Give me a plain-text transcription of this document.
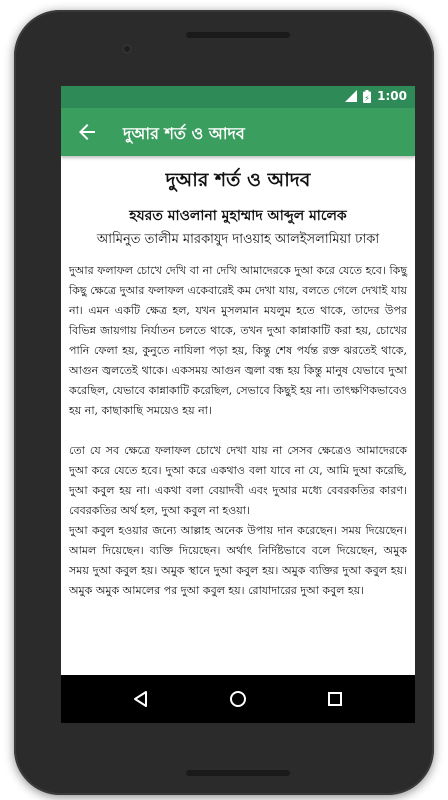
⚡ 1:00
দুআর শর্ত ও আদব
দুআর শর্ত ও আদব
হযরত মাওলানা মুহাম্মাদ আব্দুল মালেক
আমিনুত তালীম মারকাযুদ দাওয়াহ আলইসলামিয়া ঢাকা

দুআর ফলাফল চোখে দেখি বা না দেখি আমাদেরকে দুআ করে যেতে হবে। কিছু কিছু ক্ষেত্রে দুআর ফলাফল একেবারেই কম দেখা যায়, বলতে গেলে দেখাই যায় না। এমন একটি ক্ষেত্র হল, যখন মুসলমান মযলুম হতে থাকে, তাদের উপর বিভিন্ন জায়গায় নির্যাতন চলতে থাকে, তখন দুআ কান্নাকাটি করা হয়, চোখের পানি ফেলা হয়, কুনুতে নাযিলা পড়া হয়, কিন্তু শেষ পর্যন্ত রক্ত ঝরতেই থাকে, আগুন জ্বলতেই থাকে। একসময় আগুন জ্বলা বন্ধ হয় কিন্তু মানুষ যেভাবে দুআ করেছিল, যেভাবে কান্নাকাটি করেছিল, সেভাবে কিছুই হয় না। তাৎক্ষণিকভাবেও হয় না, কাছাকাছি সময়েও হয় না।

তো যে সব ক্ষেত্রে ফলাফল চোখে দেখা যায় না সেসব ক্ষেত্রেও আমাদেরকে দুআ করে যেতে হবে। দুআ করে একথাও বলা যাবে না যে, আমি দুআ করেছি, দুআ কবুল হয় না। একথা বলা বেয়াদবী এবং দুআর মধ্যে বেবরকতির কারণ। বেবরকতির অর্থ হল, দুআ কবুল না হওয়া।

দুআ কবুল হওয়ার জন্যে আল্লাহ অনেক উপায় দান করেছেন। সময় দিয়েছেন। আমল দিয়েছেন। ব্যক্তি দিয়েছেন। অর্থাৎ নির্দিষ্টভাবে বলে দিয়েছেন, অমুক সময় দুআ কবুল হয়। অমুক স্থানে দুআ কবুল হয়। অমুক ব্যক্তির দুআ কবুল হয়। অমুক অমুক আমলের পর দুআ কবুল হয়। রোযাদারের দুআ কবুল হয়।
